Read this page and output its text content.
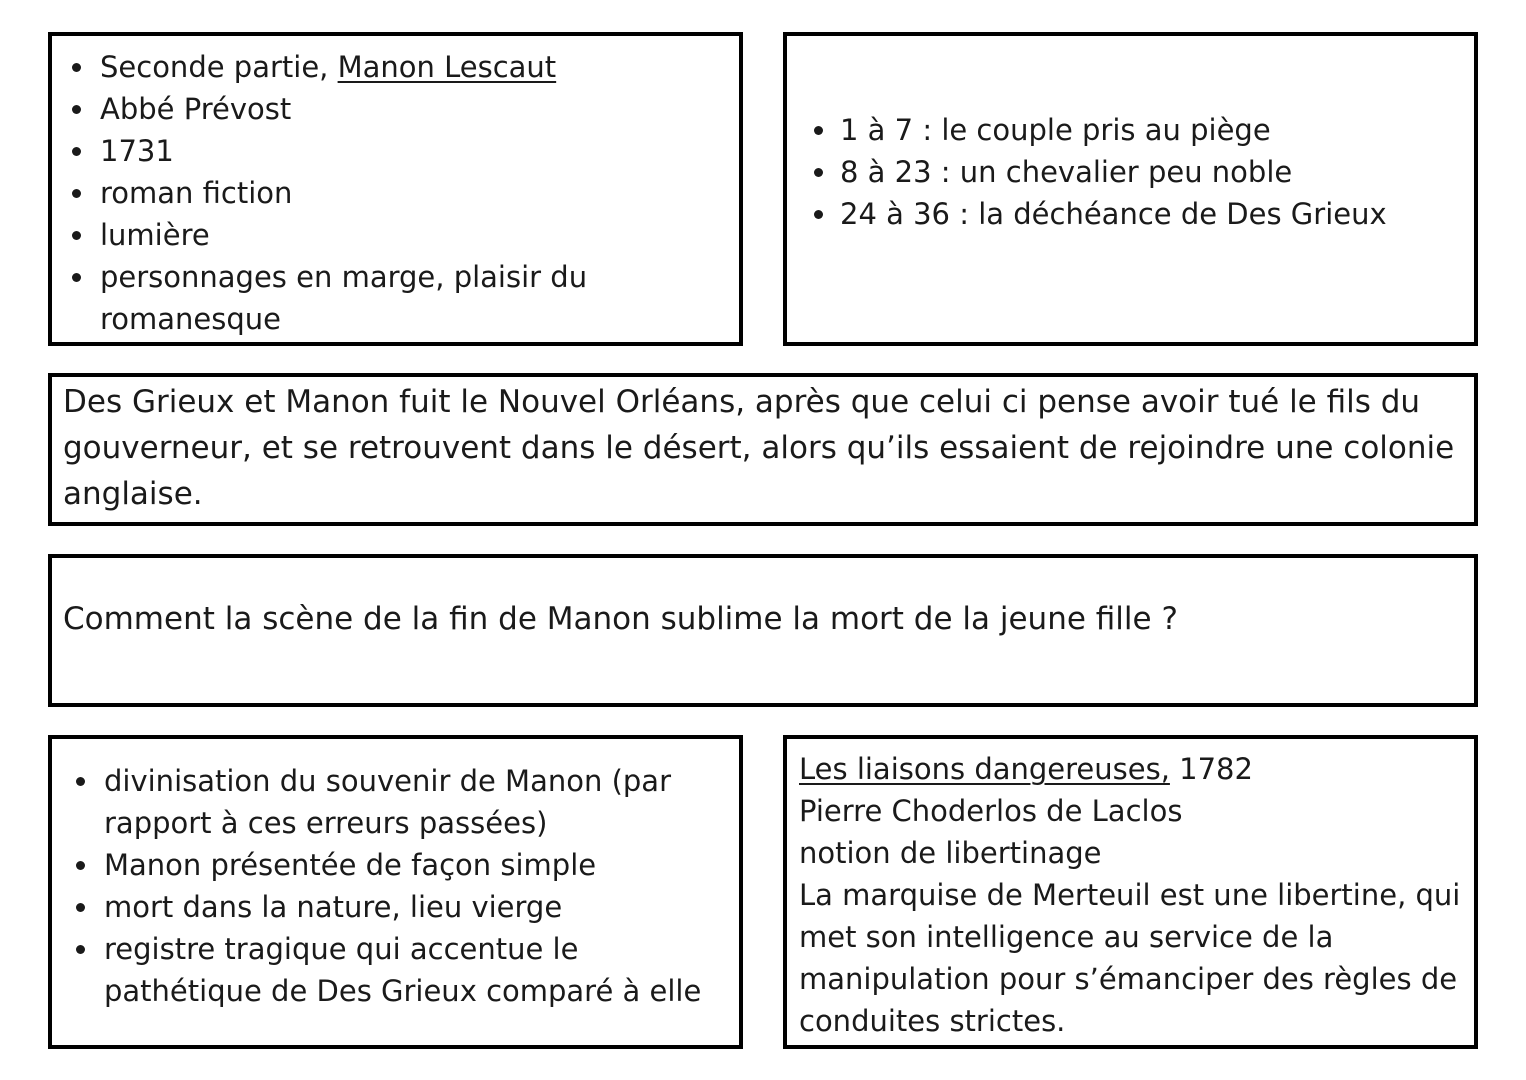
Seconde partie, Manon Lescaut
Abbé Prévost
1731
roman fiction
lumière
personnages en marge, plaisir du romanesque
1 à 7 : le couple pris au piège
8 à 23 : un chevalier peu noble
24 à 36 : la déchéance de Des Grieux

Des Grieux et Manon fuit le Nouvel Orléans, après que celui ci pense avoir tué le fils du gouverneur, et se retrouvent dans le désert, alors qu’ils essaient de rejoindre une colonie anglaise.

Comment la scène de la fin de Manon sublime la mort de la jeune fille ?

divinisation du souvenir de Manon (par rapport à ces erreurs passées)
Manon présentée de façon simple
mort dans la nature, lieu vierge
registre tragique qui accentue le pathétique de Des Grieux comparé à elle
Les liaisons dangereuses, 1782
Pierre Choderlos de Laclos
notion de libertinage
La marquise de Merteuil est une libertine, qui met son intelligence au service de la manipulation pour s’émanciper des règles de conduites strictes.
